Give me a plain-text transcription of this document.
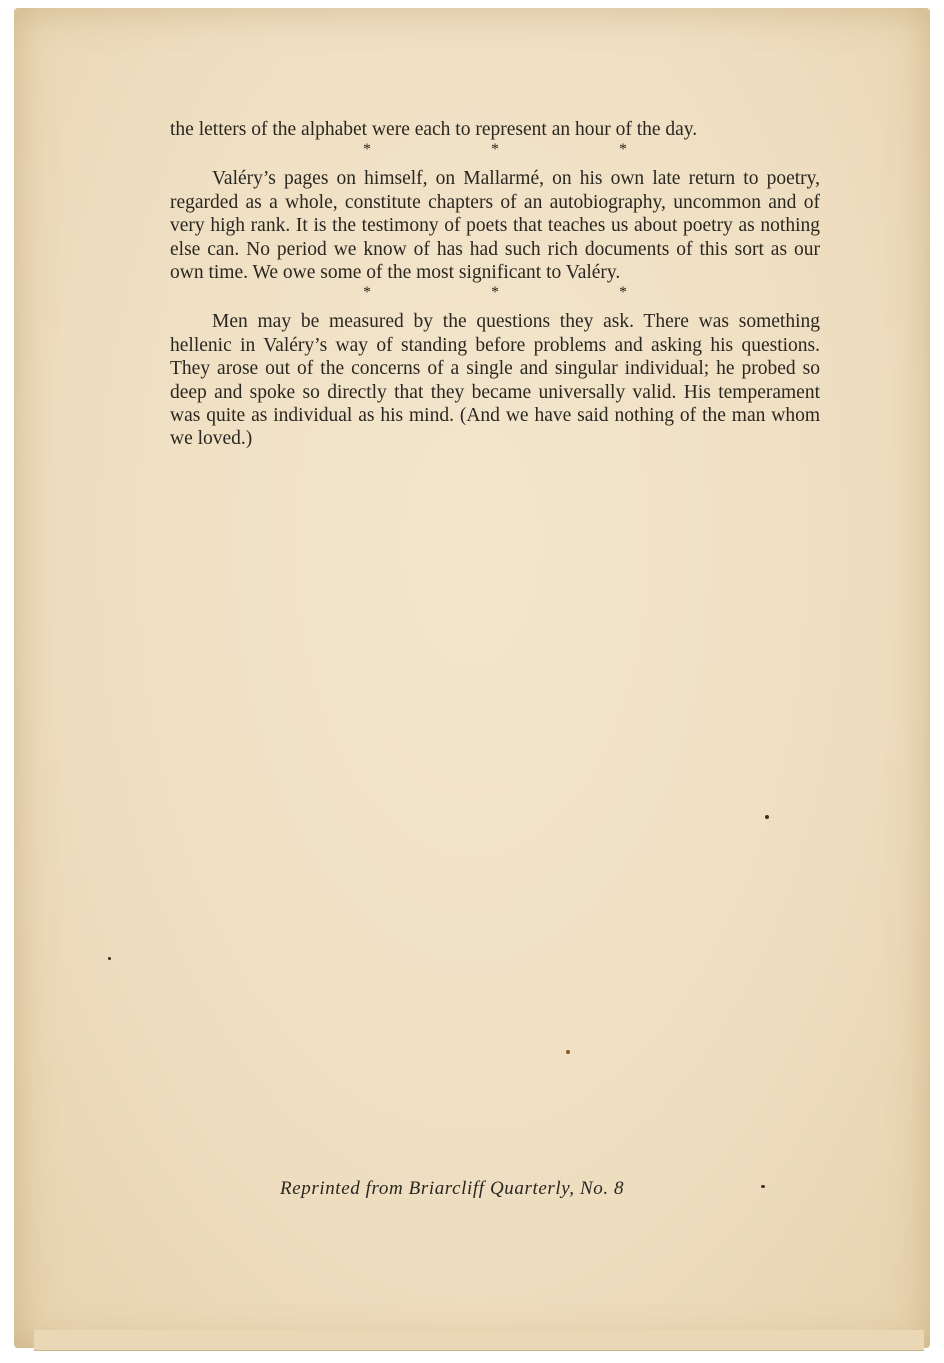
the letters of the alphabet were each to represent an hour of the day.

* * *

Valéry’s pages on himself, on Mallarmé, on his own late return to poetry, regarded as a whole, constitute chapters of an autobiography, uncommon and of very high rank. It is the testimony of poets that teaches us about poetry as nothing else can. No period we know of has had such rich documents of this sort as our own time. We owe some of the most significant to Valéry.

* * *

Men may be measured by the questions they ask. There was something hellenic in Valéry’s way of standing before problems and asking his questions. They arose out of the concerns of a single and singular individual; he probed so deep and spoke so directly that they became universally valid. His temperament was quite as individual as his mind. (And we have said nothing of the man whom we loved.)

Reprinted from Briarcliff Quarterly, No. 8
